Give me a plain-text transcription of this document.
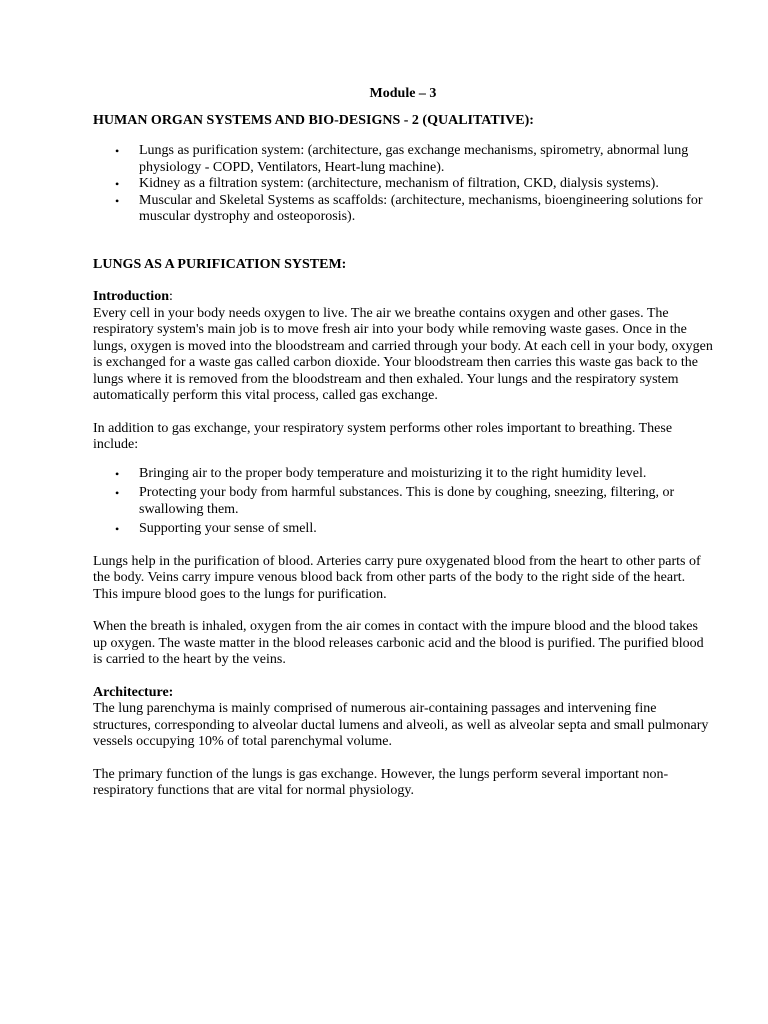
Module – 3
HUMAN ORGAN SYSTEMS AND BIO-DESIGNS - 2 (QUALITATIVE):
• Lungs as purification system: (architecture, gas exchange mechanisms, spirometry, abnormal lung physiology - COPD, Ventilators, Heart-lung machine).
• Kidney as a filtration system: (architecture, mechanism of filtration, CKD, dialysis systems).
• Muscular and Skeletal Systems as scaffolds: (architecture, mechanisms, bioengineering solutions for muscular dystrophy and osteoporosis).
LUNGS AS A PURIFICATION SYSTEM:
Introduction:
Every cell in your body needs oxygen to live. The air we breathe contains oxygen and other gases. The respiratory system's main job is to move fresh air into your body while removing waste gases. Once in the lungs, oxygen is moved into the bloodstream and carried through your body. At each cell in your body, oxygen is exchanged for a waste gas called carbon dioxide. Your bloodstream then carries this waste gas back to the lungs where it is removed from the bloodstream and then exhaled. Your lungs and the respiratory system automatically perform this vital process, called gas exchange.

In addition to gas exchange, your respiratory system performs other roles important to breathing. These include:

• Bringing air to the proper body temperature and moisturizing it to the right humidity level.
• Protecting your body from harmful substances. This is done by coughing, sneezing, filtering, or swallowing them.
• Supporting your sense of smell.

Lungs help in the purification of blood. Arteries carry pure oxygenated blood from the heart to other parts of the body. Veins carry impure venous blood back from other parts of the body to the right side of the heart. This impure blood goes to the lungs for purification.

When the breath is inhaled, oxygen from the air comes in contact with the impure blood and the blood takes up oxygen. The waste matter in the blood releases carbonic acid and the blood is purified. The purified blood is carried to the heart by the veins.

Architecture:
The lung parenchyma is mainly comprised of numerous air-containing passages and intervening fine structures, corresponding to alveolar ductal lumens and alveoli, as well as alveolar septa and small pulmonary vessels occupying 10% of total parenchymal volume.

The primary function of the lungs is gas exchange. However, the lungs perform several important non-respiratory functions that are vital for normal physiology.
